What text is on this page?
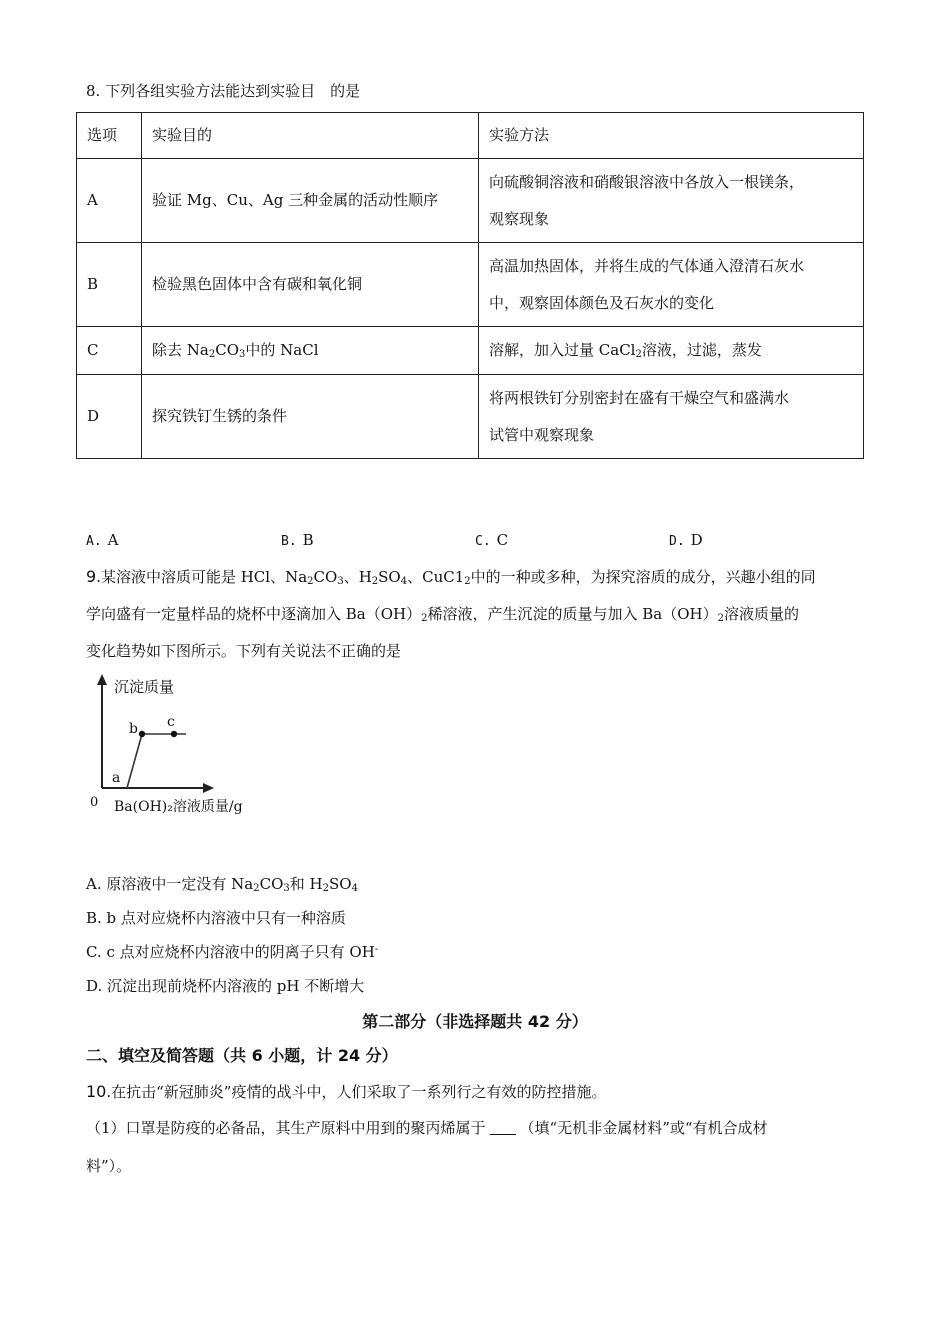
8. 下列各组实验方法能达到实验目　的是
选项	实验目的	实验方法
A	验证 Mg、Cu、Ag 三种金属的活动性顺序	向硫酸铜溶液和硝酸银溶液中各放入一根镁条，
观察现象

B	检验黑色固体中含有碳和氧化铜	高温加热固体，并将生成的气体通入澄清石灰水
中，观察固体颜色及石灰水的变化

C	除去 $Na_2CO_3$中的 NaCl	溶解，加入过量 CaCl$_2$溶液，过滤，蒸发
D	探究铁钉生锈的条件	将两根铁钉分别密封在盛有干燥空气和盛满水
试管中观察现象
A. A	B. B	C. C	D. D
9.某溶液中溶质可能是 HCl、$Na_2CO_3$、$H_2SO_4$、$CuC1_2$中的一种或多种，为探究溶质的成分，兴趣小组的同
学向盛有一定量样品的烧杯中逐滴加入 $Ba(OH)_2$稀溶液，产生沉淀的质量与加入 $Ba(OH)_2$溶液质量的
变化趋势如下图所示。下列有关说法不正确的是
沉淀质量
b c
a
0 Ba(OH)₂溶液质量/g
A. 原溶液中一定没有 $Na_2CO_3$和 $H_2SO_4$
B. b 点对应烧杯内溶液中只有一种溶质
C. c 点对应烧杯内溶液中的阴离子只有 OH-
D. 沉淀出现前烧杯内溶液的 pH 不断增大
第二部分（非选择题共 42 分）
二、填空及简答题（共 6 小题，计 24 分）
10.在抗击“新冠肺炎”疫情的战斗中，人们采取了一系列行之有效的防控措施。
（1）口罩是防疫的必备品，其生产原料中用到的聚丙烯属于 （填“无机非金属材料”或“有机合成材
料”）。
